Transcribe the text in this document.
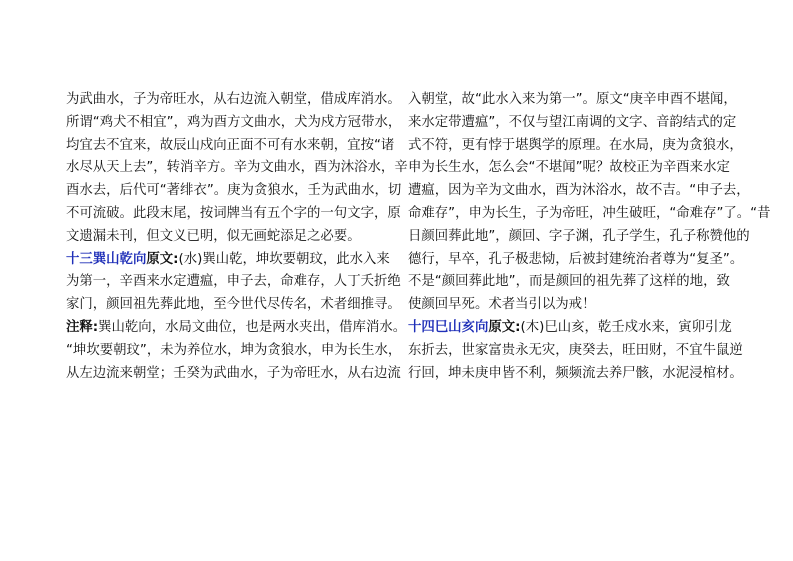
为武曲水，子为帝旺水，从右边流入朝堂，借成库消水。
所谓“鸡犬不相宜”，鸡为酉方文曲水，犬为戍方冠带水，
均宜去不宜来，故辰山戍向正面不可有水来朝，宜按“诸
水尽从天上去”，转消辛方。辛为文曲水，酉为沐浴水，辛
酉水去，后代可“著绯衣”。庚为贪狼水，壬为武曲水，切
不可流破。此段末尾，按词牌当有五个字的一句文字，原
文遗漏未刊，但文义已明，似无画蛇添足之必要。
十三巽山乾向原文:(水)巽山乾，坤坎要朝玟，此水入来
为第一，辛酉来水定遭瘟，申子去，命难存，人丁夭折绝
家门，颜回祖先葬此地，至今世代尽传名，术者细推寻。
注释:巽山乾向，水局文曲位，也是两水夹出，借库消水。
“坤坎要朝玟”，未为养位水，坤为贪狼水，申为长生水，
从左边流来朝堂；壬癸为武曲水，子为帝旺水，从右边流
入朝堂，故“此水入来为第一”。原文“庚辛申酉不堪闻，
来水定带遭瘟”，不仅与望江南调的文字、音韵结式的定
式不符，更有悖于堪舆学的原理。在水局，庚为贪狼水，
申为长生水，怎么会“不堪闻”呢？故校正为辛酉来水定
遭瘟，因为辛为文曲水，酉为沐浴水，故不吉。“申子去，
命难存”，申为长生，子为帝旺，冲生破旺，“命难存”了。“昔
日颜回葬此地”，颜回、字子渊，孔子学生，孔子称赞他的
德行，早卒，孔子极悲恸，后被封建统治者尊为“复圣”。
不是“颜回葬此地”，而是颜回的祖先葬了这样的地，致
使颜回早死。术者当引以为戒！
十四巳山亥向原文:(木)巳山亥，乾壬戍水来，寅卯引龙
东折去，世家富贵永无灾，庚癸去，旺田财，不宜牛鼠逆
行回，坤未庚申皆不利，频频流去养尸骸，水泥浸棺材。
